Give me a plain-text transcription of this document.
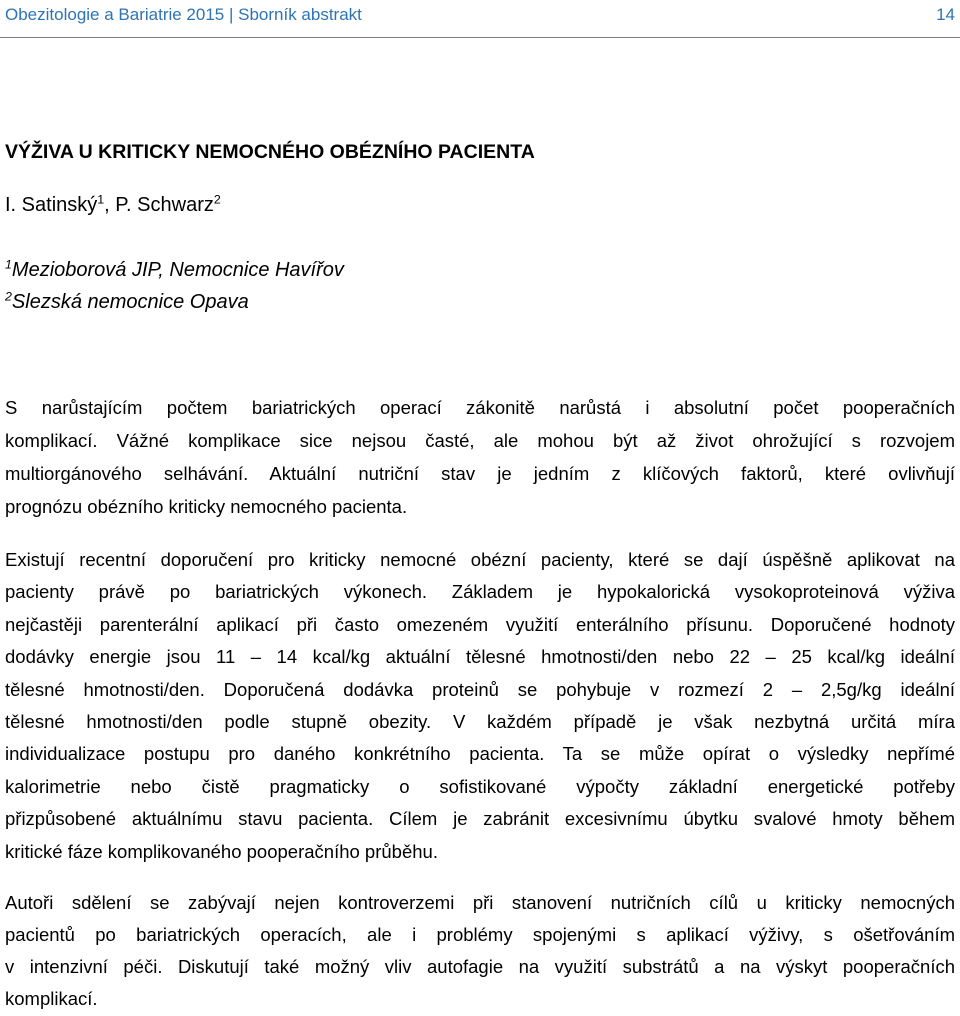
Obezitologie a Bariatrie 2015 | Sborník abstrakt	14
VÝŽIVA U KRITICKY NEMOCNÉHO OBÉZNÍHO PACIENTA
I. Satinský$^1$, P. Schwarz$^2$
$^1$Mezioborová JIP, Nemocnice Havířov
$^2$Slezská nemocnice Opava
S narůstajícím počtem bariatrických operací zákonitě narůstá i absolutní počet pooperačních
komplikací. Vážné komplikace sice nejsou časté, ale mohou být až život ohrožující s rozvojem
multiorgánového selhávání. Aktuální nutriční stav je jedním z klíčových faktorů, které ovlivňují
prognózu obézního kriticky nemocného pacienta.
Existují recentní doporučení pro kriticky nemocné obézní pacienty, které se dají úspěšně aplikovat na
pacienty právě po bariatrických výkonech. Základem je hypokalorická vysokoproteinová výživa
nejčastěji parenterální aplikací při často omezeném využití enterálního přísunu. Doporučené hodnoty
dodávky energie jsou 11 – 14 kcal/kg aktuální tělesné hmotnosti/den nebo 22 – 25 kcal/kg ideální
tělesné hmotnosti/den. Doporučená dodávka proteinů se pohybuje v rozmezí 2 – 2,5g/kg ideální
tělesné hmotnosti/den podle stupně obezity. V každém případě je však nezbytná určitá míra
individualizace postupu pro daného konkrétního pacienta. Ta se může opírat o výsledky nepřímé
kalorimetrie nebo čistě pragmaticky o sofistikované výpočty základní energetické potřeby
přizpůsobené aktuálnímu stavu pacienta. Cílem je zabránit excesivnímu úbytku svalové hmoty během
kritické fáze komplikovaného pooperačního průběhu.
Autoři sdělení se zabývají nejen kontroverzemi při stanovení nutričních cílů u kriticky nemocných
pacientů po bariatrických operacích, ale i problémy spojenými s aplikací výživy, s ošetřováním
v intenzivní péči. Diskutují také možný vliv autofagie na využití substrátů a na výskyt pooperačních
komplikací.
